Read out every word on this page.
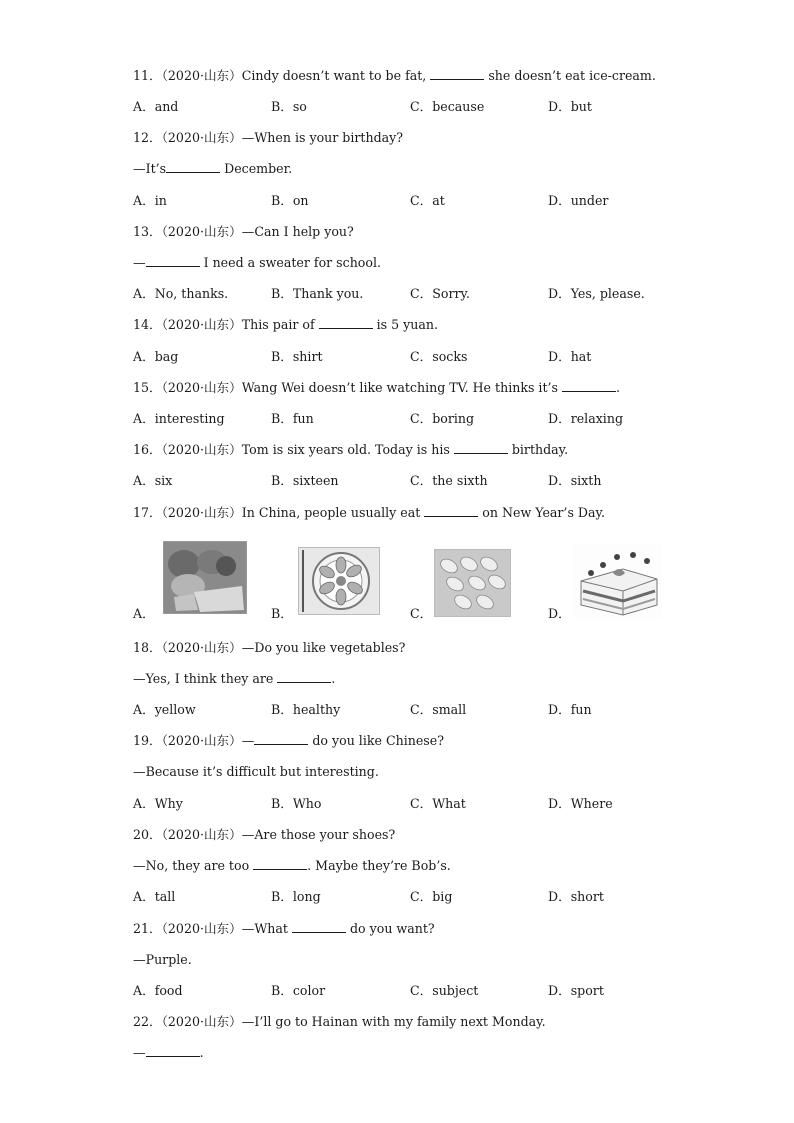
11．（2020·山东）Cindy doesn’t want to be fat,	she doesn’t eat ice-cream.
A．and	B．so	C．because	D．but
12．（2020·山东）—When is your birthday?
—It’s	December.
A．in	B．on	C．at	D．under
13．（2020·山东）—Can I help you?
—	I need a sweater for school.
A．No, thanks.	B．Thank you.	C．Sorry.	D．Yes, please.
14．（2020·山东）This pair of	is 5 yuan.
A．bag	B．shirt	C．socks	D．hat
15．（2020·山东）Wang Wei doesn’t like watching TV. He thinks it’s	.
A．interesting	B．fun	C．boring	D．relaxing
16．（2020·山东）Tom is six years old. Today is his	birthday.
A．six	B．sixteen	C．the sixth	D．sixth
17．（2020·山东）In China, people usually eat	on New Year’s Day.
A．	B．	C．	D．
18．（2020·山东）—Do you like vegetables?
—Yes, I think they are	.
A．yellow	B．healthy	C．small	D．fun
19．（2020·山东）—	do you like Chinese?
—Because it’s difficult but interesting.
A．Why	B．Who	C．What	D．Where
20．（2020·山东）—Are those your shoes?
—No, they are too	. Maybe they’re Bob’s.
A．tall	B．long	C．big	D．short
21．（2020·山东）—What	do you want?
—Purple.
A．food	B．color	C．subject	D．sport
22．（2020·山东）—I’ll go to Hainan with my family next Monday.
—	.
